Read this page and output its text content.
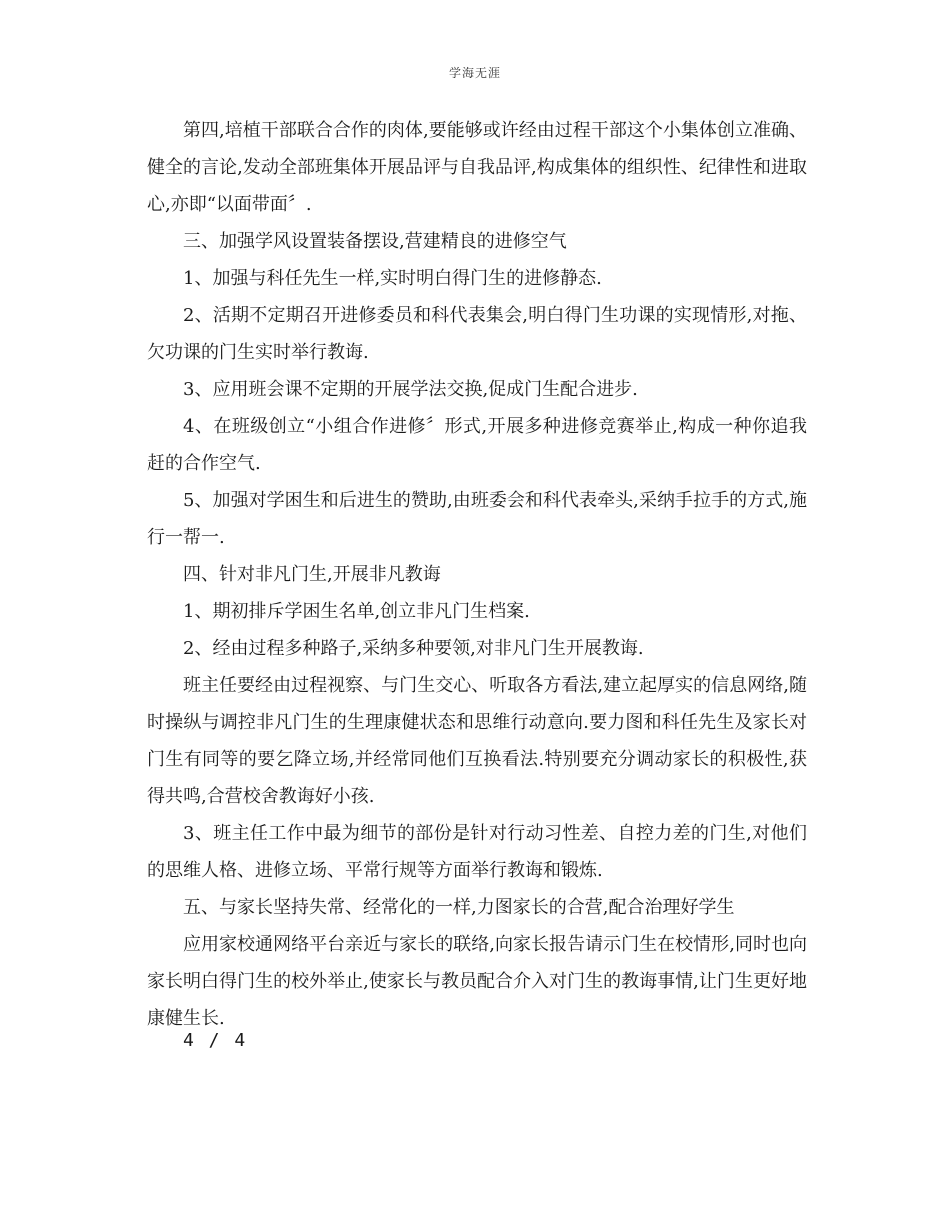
学海无涯

第四,培植干部联合合作的肉体,要能够或许经由过程干部这个小集体创立准确、健全的言论,发动全部班集体开展品评与自我品评,构成集体的组织性、纪律性和进取心,亦即“以面带面〞.

三、加强学风设置装备摆设,营建精良的进修空气

1、加强与科任先生一样,实时明白得门生的进修静态.

2、活期不定期召开进修委员和科代表集会,明白得门生功课的实现情形,对拖、欠功课的门生实时举行教诲.

3、应用班会课不定期的开展学法交换,促成门生配合进步.

4、在班级创立“小组合作进修〞形式,开展多种进修竞赛举止,构成一种你追我赶的合作空气.

5、加强对学困生和后进生的赞助,由班委会和科代表牵头,采纳手拉手的方式,施行一帮一.

四、针对非凡门生,开展非凡教诲

1、期初排斥学困生名单,创立非凡门生档案.

2、经由过程多种路子,采纳多种要领,对非凡门生开展教诲.

班主任要经由过程视察、与门生交心、听取各方看法,建立起厚实的信息网络,随时操纵与调控非凡门生的生理康健状态和思维行动意向.要力图和科任先生及家长对门生有同等的要乞降立场,并经常同他们互换看法.特别要充分调动家长的积极性,获得共鸣,合营校舍教诲好小孩.

3、班主任工作中最为细节的部份是针对行动习性差、自控力差的门生,对他们的思维人格、进修立场、平常行规等方面举行教诲和锻炼.

五、与家长坚持失常、经常化的一样,力图家长的合营,配合治理好学生

应用家校通网络平台亲近与家长的联络,向家长报告请示门生在校情形,同时也向家长明白得门生的校外举止,使家长与教员配合介入对门生的教诲事情,让门生更好地康健生长.

4 / 4
